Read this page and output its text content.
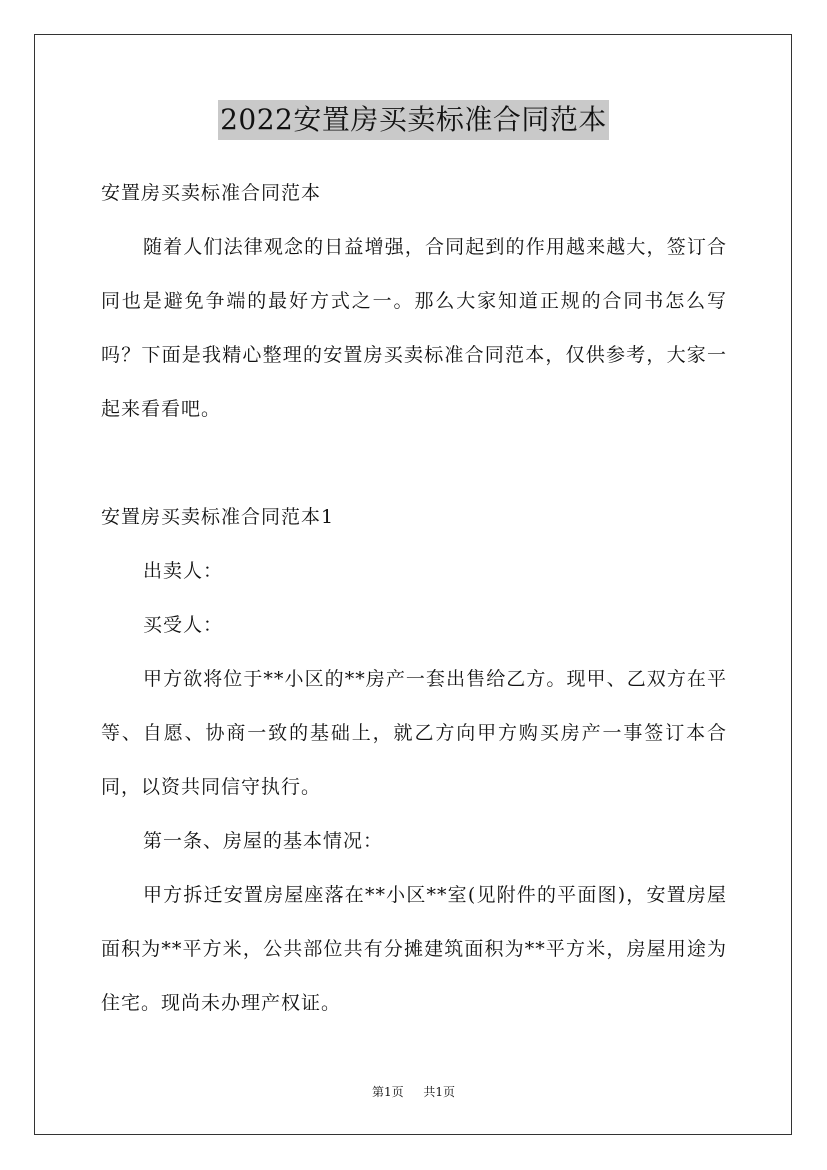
2022安置房买卖标准合同范本

安置房买卖标准合同范本

随着人们法律观念的日益增强，合同起到的作用越来越大，签订合同也是避免争端的最好方式之一。那么大家知道正规的合同书怎么写吗？下面是我精心整理的安置房买卖标准合同范本，仅供参考，大家一起来看看吧。

安置房买卖标准合同范本1

出卖人：

买受人：

甲方欲将位于**小区的**房产一套出售给乙方。现甲、乙双方在平等、自愿、协商一致的基础上，就乙方向甲方购买房产一事签订本合同，以资共同信守执行。

第一条、房屋的基本情况：

甲方拆迁安置房屋座落在**小区**室(见附件的平面图)，安置房屋面积为**平方米，公共部位共有分摊建筑面积为**平方米，房屋用途为住宅。现尚未办理产权证。

第1页 共1页
